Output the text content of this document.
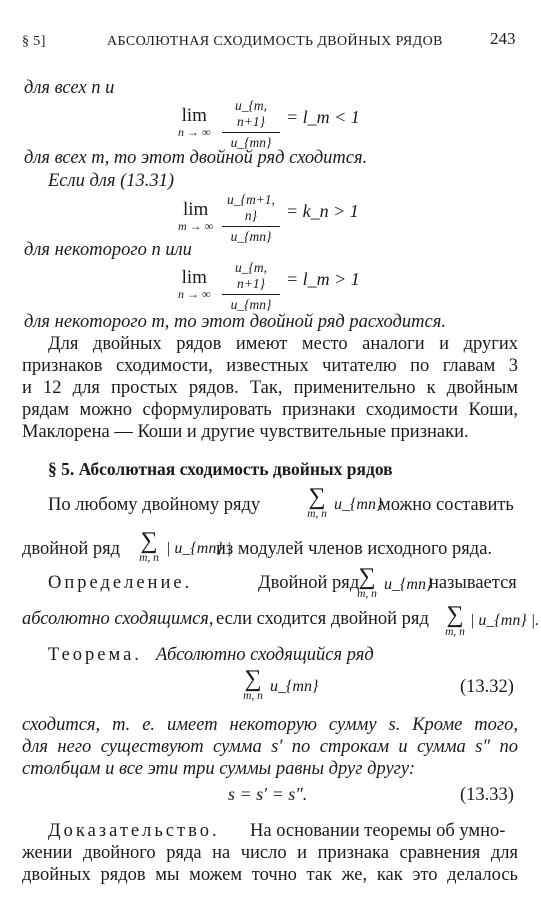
§ 5]	АБСОЛЮТНАЯ СХОДИМОСТЬ ДВОЙНЫХ РЯДОВ	243
для всех n и
lim
n → ∞
u_{m, n+1}
u_{mn}
= l_m < 1
для всех m, то этот двойной ряд сходится.
Если для (13.31)
lim
m → ∞
u_{m+1, n}
u_{mn}
= k_n > 1
для некоторого n или
lim
n → ∞
u_{m, n+1}
u_{mn}
= l_m > 1
для некоторого m, то этот двойной ряд расходится.
Для двойных рядов имеют место аналоги и других
признаков сходимости, известных читателю по главам 3
и 12 для простых рядов. Так, применительно к двойным
рядам можно сформулировать признаки сходимости Коши,
Маклорена — Коши и другие чувствительные признаки.
§ 5. Абсолютная сходимость двойных рядов
По любому двойному ряду	∑
m, n
u_{mn}
можно составить
двойной ряд ∑
m, n
| u_{mn} |
из модулей членов исходного ряда.
Определение.	Двойной ряд ∑
m, n
u_{mn}
называется
абсолютно сходящимся, если сходится двойной ряд ∑
m, n
| u_{mn} |.
Теорема. Абсолютно сходящийся ряд
∑
m, n
u_{mn}	(13.32)
сходится, т. е. имеет некоторую сумму s. Кроме того,
для него существуют сумма s′ по строкам и сумма s″ по
столбцам и все эти три суммы равны друг другу:
s = s′ = s″.	(13.33)
Доказательство. На основании теоремы об умно-
жении двойного ряда на число и признака сравнения для
двойных рядов мы можем точно так же, как это делалось
